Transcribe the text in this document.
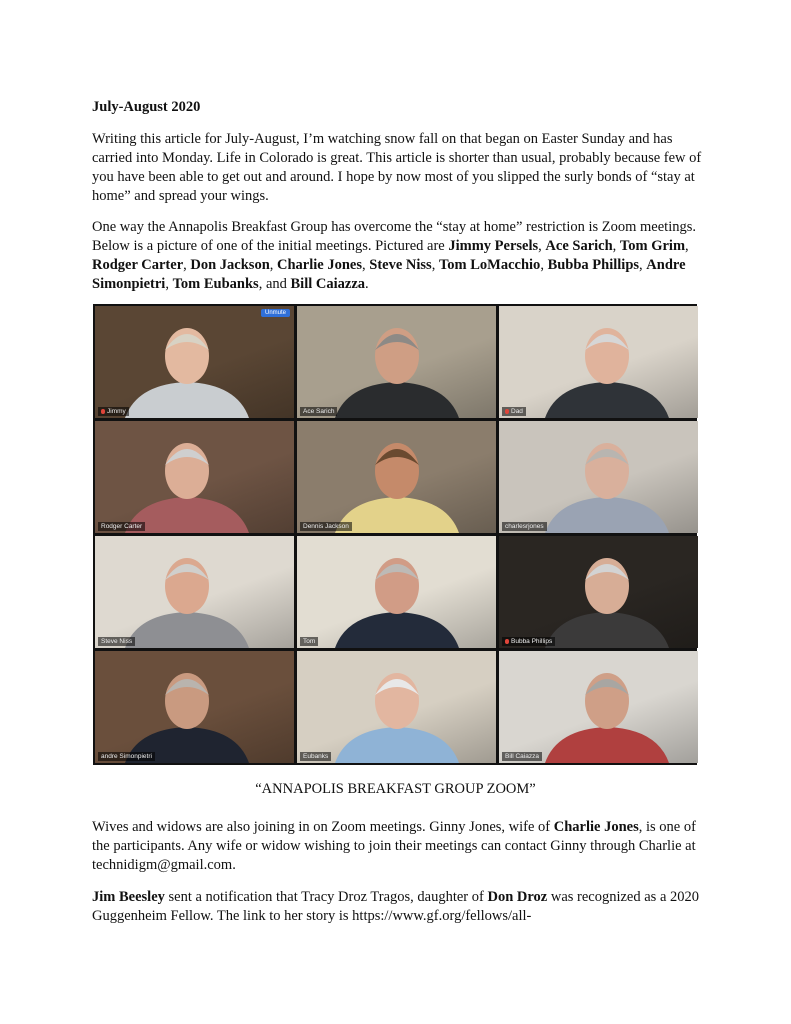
July-August 2020
Writing this article for July-August, I’m watching snow fall on that began on Easter Sunday and has carried into Monday. Life in Colorado is great. This article is shorter than usual, probably because few of you have been able to get out and around. I hope by now most of you slipped the surly bonds of “stay at home” and spread your wings.
One way the Annapolis Breakfast Group has overcome the “stay at home” restriction is Zoom meetings. Below is a picture of one of the initial meetings. Pictured are Jimmy Persels, Ace Sarich, Tom Grim, Rodger Carter, Don Jackson, Charlie Jones, Steve Niss, Tom LoMacchio, Bubba Phillips, Andre Simonpietri, Tom Eubanks, and Bill Caiazza.
Jimmy
Unmute
Ace Sarich	Dad
Rodger Carter	Dennis Jackson	charlesrjones
Steve Niss	Tom	Bubba Phillips
andre Simonpietri	Eubanks	Bill Caiazza
“ANNAPOLIS BREAKFAST GROUP ZOOM”
Wives and widows are also joining in on Zoom meetings. Ginny Jones, wife of Charlie Jones, is one of the participants. Any wife or widow wishing to join their meetings can contact Ginny through Charlie at technidigm@gmail.com.
Jim Beesley sent a notification that Tracy Droz Tragos, daughter of Don Droz was recognized as a 2020 Guggenheim Fellow. The link to her story is https://www.gf.org/fellows/all-
